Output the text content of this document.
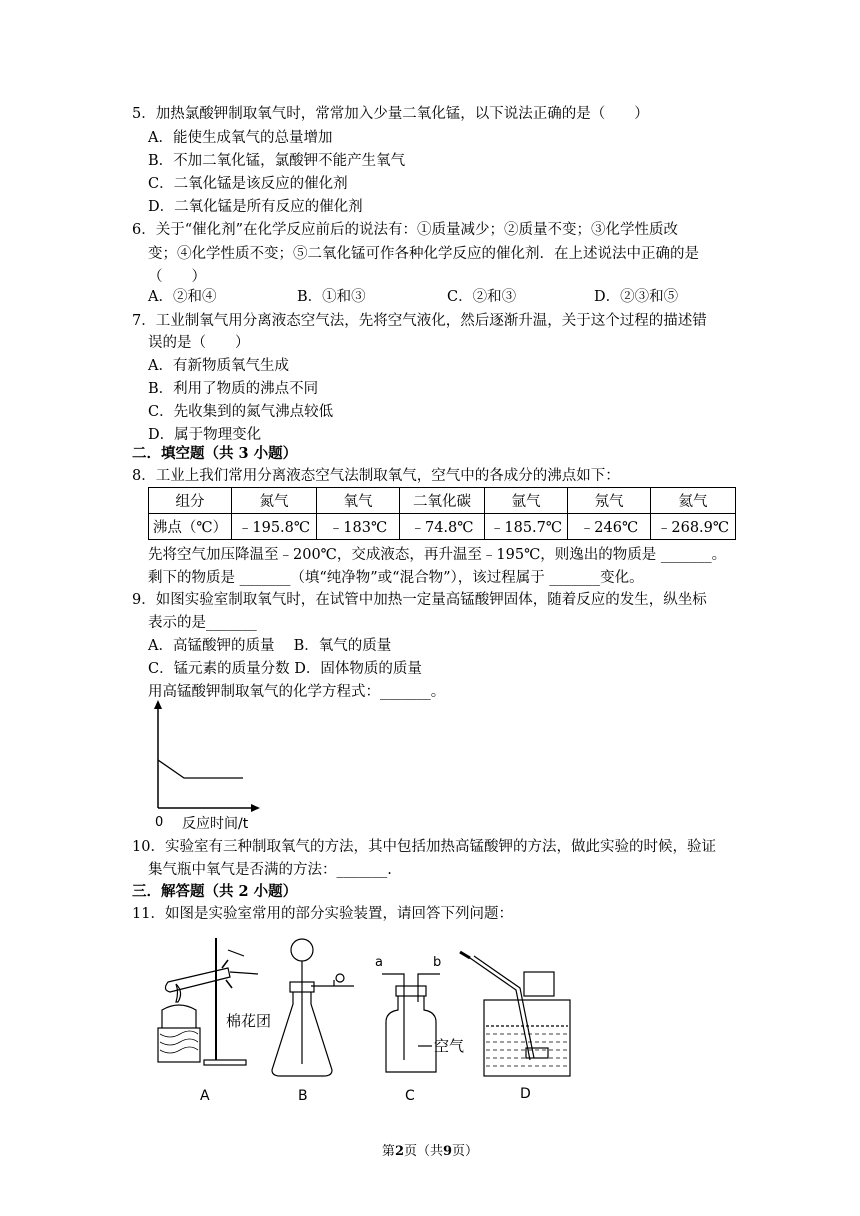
5．加热氯酸钾制取氧气时，常常加入少量二氧化锰，以下说法正确的是（　　）
A．能使生成氧气的总量增加
B．不加二氧化锰，氯酸钾不能产生氧气
C．二氧化锰是该反应的催化剂
D．二氧化锰是所有反应的催化剂
6．关于“催化剂”在化学反应前后的说法有：①质量减少；②质量不变；③化学性质改
变；④化学性质不变；⑤二氧化锰可作各种化学反应的催化剂．在上述说法中正确的是
（　　）
A．②和④	B．①和③	C．②和③	D．②③和⑤
7．工业制氧气用分离液态空气法，先将空气液化，然后逐渐升温，关于这个过程的描述错
误的是（　　）
A．有新物质氧气生成
B．利用了物质的沸点不同
C．先收集到的氮气沸点较低
D．属于物理变化
二．填空题（共 3 小题）
8．工业上我们常用分离液态空气法制取氧气，空气中的各成分的沸点如下：
组分	氮气	氧气	二氧化碳	氩气	氖气	氦气
沸点（℃）	﹣195.8℃	﹣183℃	﹣74.8℃	﹣185.7℃	﹣246℃	﹣268.9℃
先将空气加压降温至﹣200℃，交成液态，再升温至﹣195℃，则逸出的物质是 _______。
剩下的物质是 _______（填“纯净物”或“混合物”），该过程属于 _______变化。
9．如图实验室制取氧气时，在试管中加热一定量高锰酸钾固体，随着反应的发生，纵坐标
表示的是_______
A．高锰酸钾的质量　 B．氧气的质量
C．锰元素的质量分数 D．固体物质的质量
用高锰酸钾制取氧气的化学方程式：_______。
0 反应时间/t
10．实验室有三种制取氧气的方法，其中包括加热高锰酸钾的方法，做此实验的时候，验证
集气瓶中氧气是否满的方法：_______.
三．解答题（共 2 小题）
11．如图是实验室常用的部分实验装置，请回答下列问题：
棉花团
A	B
a	b
空气
C	D
第2页（共9页）
